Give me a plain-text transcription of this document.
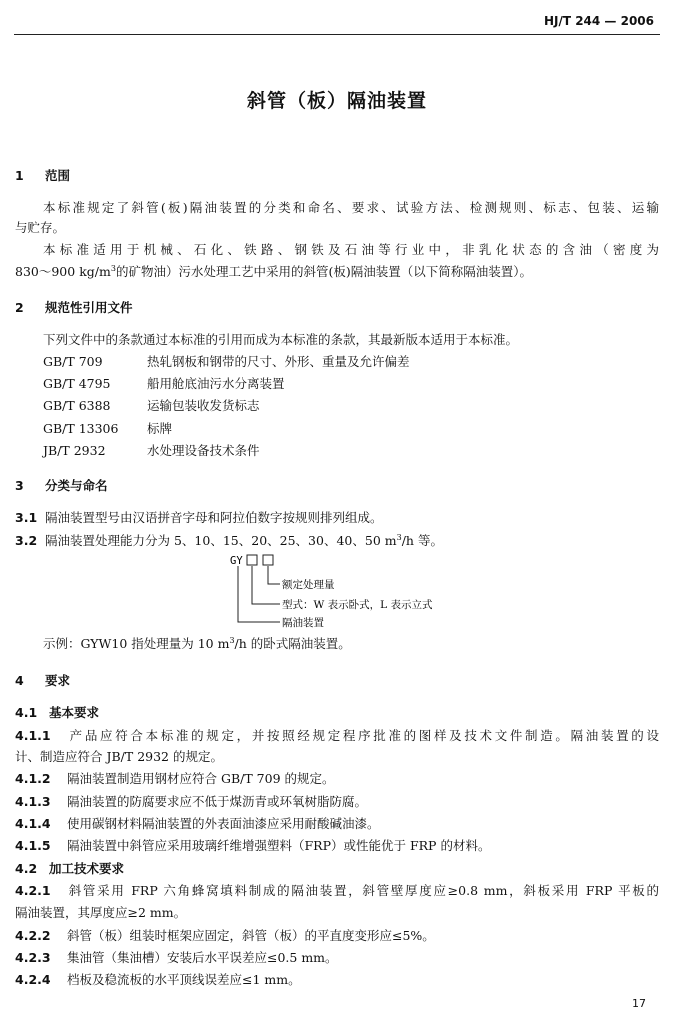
HJ/T 244 — 2006
斜管（板）隔油装置
1 范围
本标准规定了斜管(板)隔油装置的分类和命名、要求、试验方法、检测规则、标志、包装、运输
与贮存。
本标准适用于机械、石化、铁路、钢铁及石油等行业中，非乳化状态的含油（密度为
830～900 $kg/m^3$的矿物油）污水处理工艺中采用的斜管(板)隔油装置（以下简称隔油装置）。
2 规范性引用文件
下列文件中的条款通过本标准的引用而成为本标准的条款，其最新版本适用于本标准。
GB/T 709	热轧钢板和钢带的尺寸、外形、重量及允许偏差
GB/T 4795	船用舱底油污水分离装置
GB/T 6388	运输包装收发货标志
GB/T 13306 标牌
JB/T 2932	水处理设备技术条件
3 分类与命名
3.1 隔油装置型号由汉语拼音字母和阿拉伯数字按规则排列组成。
3.2 隔油装置处理能力分为 5、10、15、20、25、30、40、50 $m^3/h$ 等。
GY
额定处理量
型式：W 表示卧式，L 表示立式
隔油装置
示例：GYW10 指处理量为 10 $m^3/h$ 的卧式隔油装置。
4 要求
4.1 基本要求
4.1.1 产品应符合本标准的规定，并按照经规定程序批准的图样及技术文件制造。隔油装置的设
计、制造应符合 JB/T 2932 的规定。
4.1.2 隔油装置制造用钢材应符合 GB/T 709 的规定。
4.1.3 隔油装置的防腐要求应不低于煤沥青或环氧树脂防腐。
4.1.4 使用碳钢材料隔油装置的外表面油漆应采用耐酸碱油漆。
4.1.5 隔油装置中斜管应采用玻璃纤维增强塑料（FRP）或性能优于 FRP 的材料。
4.2 加工技术要求
4.2.1 斜管采用 FRP 六角蜂窝填料制成的隔油装置，斜管壁厚度应≥0.8 mm，斜板采用 FRP 平板的
隔油装置，其厚度应≥2 mm。
4.2.2 斜管（板）组装时框架应固定，斜管（板）的平直度变形应≤5%。
4.2.3 集油管（集油槽）安装后水平误差应≤0.5 mm。
4.2.4 档板及稳流板的水平顶线误差应≤1 mm。
17
